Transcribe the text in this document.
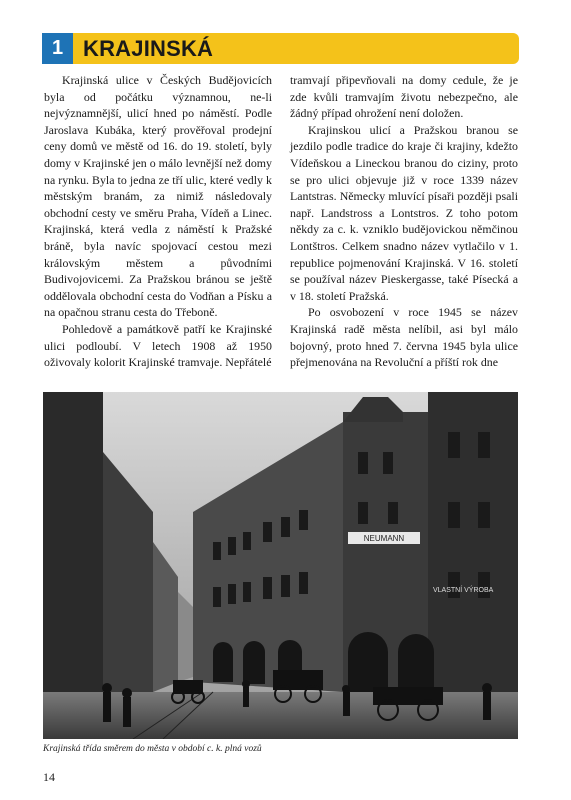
1 KRAJINSKÁ

Krajinská ulice v Českých Budějovicích byla od počátku významnou, ne-li nejvýznamnější, ulicí hned po náměstí. Podle Jaroslava Kubáka, který prověřoval prodejní ceny domů ve městě od 16. do 19. století, byly domy v Krajinské jen o málo levnější než domy na rynku. Byla to jedna ze tří ulic, které vedly k městským branám, za nimiž následovaly obchodní cesty ve směru Praha, Vídeň a Linec. Krajinská, která vedla z náměstí k Pražské bráně, byla navíc spojovací cestou mezi královským městem a původními Budivojovicemi. Za Pražskou bránou se ještě oddělovala obchodní cesta do Vodňan a Písku a na opačnou stranu cesta do Třeboně.

Pohledově a památkově patří ke Krajinské ulici podloubí. V letech 1908 až 1950 oživovaly kolorit Krajinské tramvaje. Nepřátelé

tramvají připevňovali na domy cedule, že je zde kvůli tramvajím životu nebezpečno, ale žádný případ ohrožení není doložen.

Krajinskou ulicí a Pražskou branou se jezdilo podle tradice do kraje či krajiny, kdežto Vídeňskou a Lineckou branou do ciziny, proto se pro ulici objevuje již v roce 1339 název Lantstras. Německy mluvící písaři později psali např. Landstross a Lontstros. Z toho potom někdy za c. k. vzniklo budějovickou němčinou Lontštros. Celkem snadno název vytlačilo v 1. republice pojmenování Krajinská. V 16. století se používal název Pieskergasse, také Písecká a v 18. století Pražská.

Po osvobození v roce 1945 se název Krajinská radě města nelíbil, asi byl málo bojovný, proto hned 7. června 1945 byla ulice přejmenována na Revoluční a příští rok dne

NEUMANN
VLASTNÍ VÝROBA
Krajinská třída směrem do města v období c. k. plná vozů
14
